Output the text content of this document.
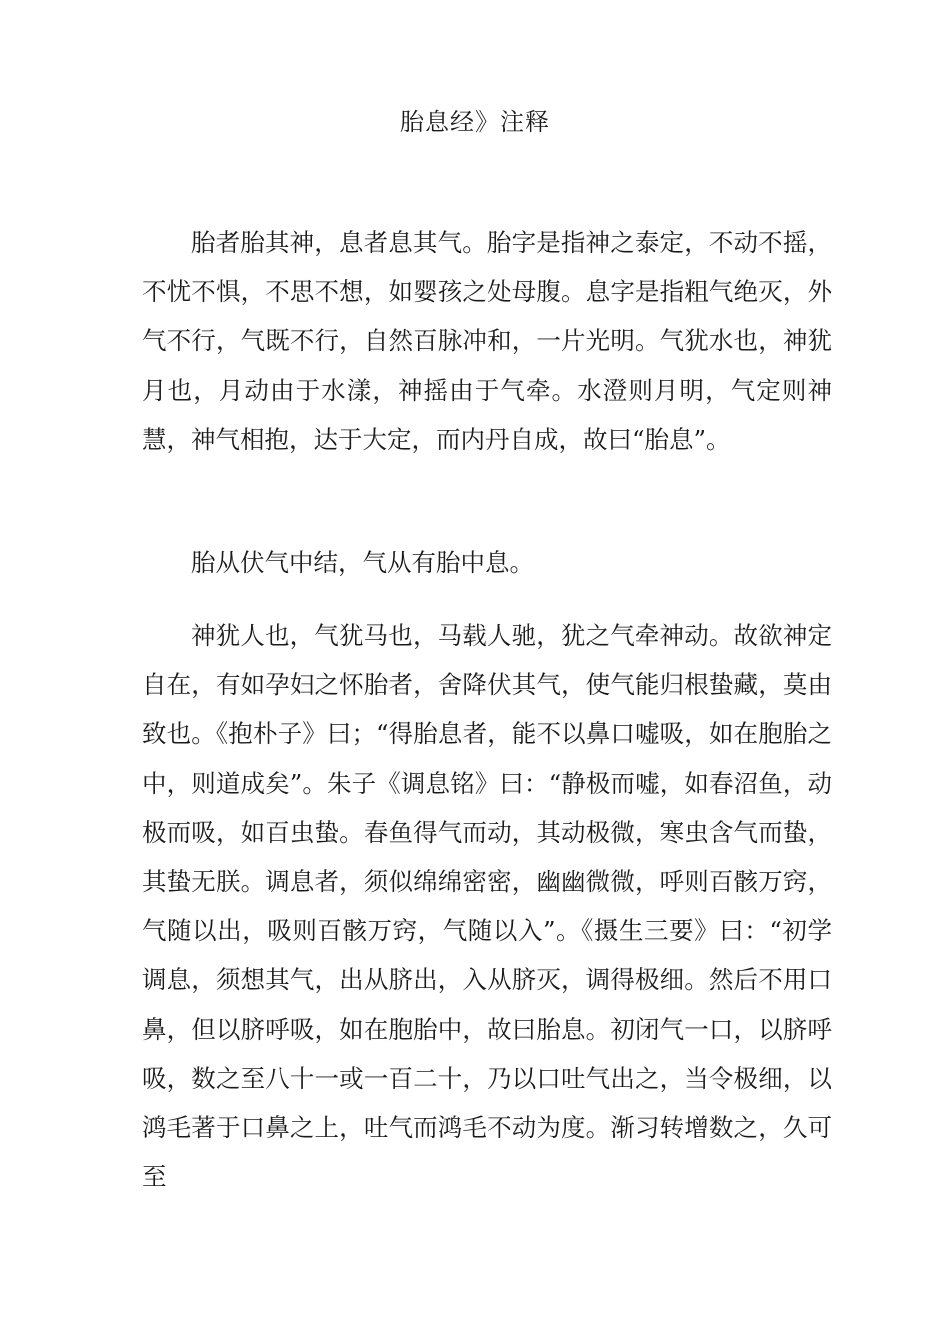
胎息经》注释

胎者胎其神，息者息其气。胎字是指神之泰定，不动不摇，不忧不惧，不思不想，如婴孩之处母腹。息字是指粗气绝灭，外气不行，气既不行，自然百脉冲和，一片光明。气犹水也，神犹月也，月动由于水漾，神摇由于气牵。水澄则月明，气定则神慧，神气相抱，达于大定，而内丹自成，故曰“胎息”。

胎从伏气中结，气从有胎中息。

神犹人也，气犹马也，马载人驰，犹之气牵神动。故欲神定自在，有如孕妇之怀胎者，舍降伏其气，使气能归根蛰藏，莫由致也。《抱朴子》曰；“得胎息者，能不以鼻口嘘吸，如在胞胎之中，则道成矣”。朱子《调息铭》曰：“静极而嘘，如春沼鱼，动极而吸，如百虫蛰。春鱼得气而动，其动极微，寒虫含气而蛰，其蛰无朕。调息者，须似绵绵密密，幽幽微微，呼则百骸万窍，气随以出，吸则百骸万窍，气随以入”。《摄生三要》曰：“初学调息，须想其气，出从脐出，入从脐灭，调得极细。然后不用口鼻，但以脐呼吸，如在胞胎中，故曰胎息。初闭气一口，以脐呼吸，数之至八十一或一百二十，乃以口吐气出之，当令极细，以鸿毛著于口鼻之上，吐气而鸿毛不动为度。渐习转增数之，久可至
